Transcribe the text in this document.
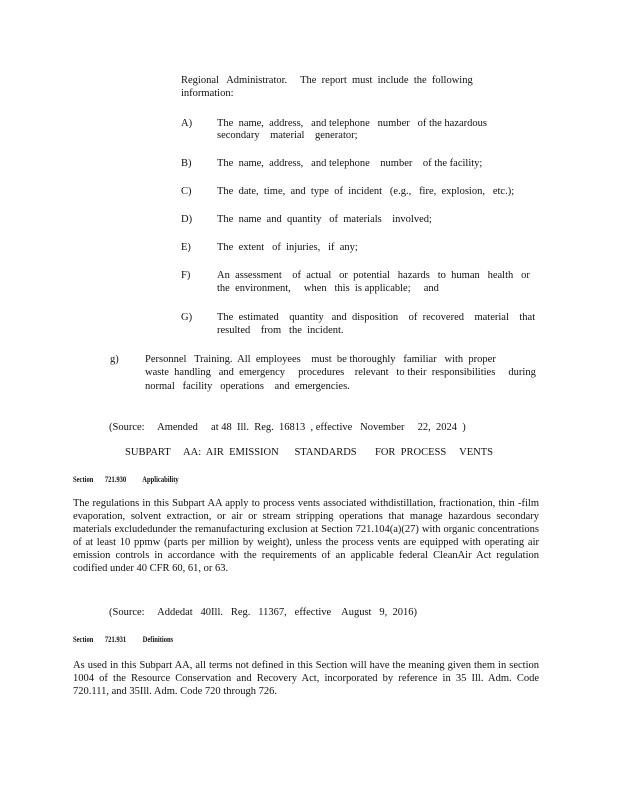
Regional   Administrator.     The  report  must  include  the  following
information:
A) The  name,  address,   and telephone   number   of the hazardous
secondary    material    generator;
B) The  name,  address,   and telephone    number    of the facility;
C) The  date,  time,  and  type  of  incident   (e.g.,   fire,  explosion,   etc.);
D) The  name  and  quantity   of  materials    involved;
E) The  extent   of  injuries,   if  any;
F)	An  assessment    of  actual   or  potential   hazards   to  human   health   or
the  environment,     when   this  is applicable;     and
G) The  estimated    quantity   and  disposition    of  recovered    material    that
resulted    from   the  incident.
g)	Personnel   Training.  All  employees    must  be thoroughly   familiar   with  proper
waste  handling   and  emergency     procedures    relevant   to their  responsibilities     during
normal   facility   operations    and  emergencies.
(Source:     Amended     at 48  Ill.  Reg.  16813  , effective   November     22,  2024  )
SUBPART     AA:  AIR  EMISSION      STANDARDS       FOR  PROCESS     VENTS
Section       721.930          Applicability
The regulations in this Subpart AA apply to process vents associated withdistillation, fractionation, thin -film evaporation, solvent extraction, or air or stream stripping operations that manage hazardous secondary materials excludedunder the remanufacturing exclusion at Section 721.104(a)(27) with organic concentrations of at least 10 ppmw (parts per million by weight), unless the process vents are equipped with operating air emission controls in accordance with the requirements of an applicable federal CleanAir Act regulation codified under 40 CFR 60, 61, or 63.
(Source:     Addedat   40Ill.   Reg.   11367,   effective    August   9,  2016)
Section       721.931          Definitions
As used in this Subpart AA, all terms not defined in this Section will have the meaning given them in section 1004 of the Resource Conservation and Recovery Act, incorporated by reference in 35 Ill. Adm. Code 720.111, and 35Ill. Adm. Code 720 through 726.
